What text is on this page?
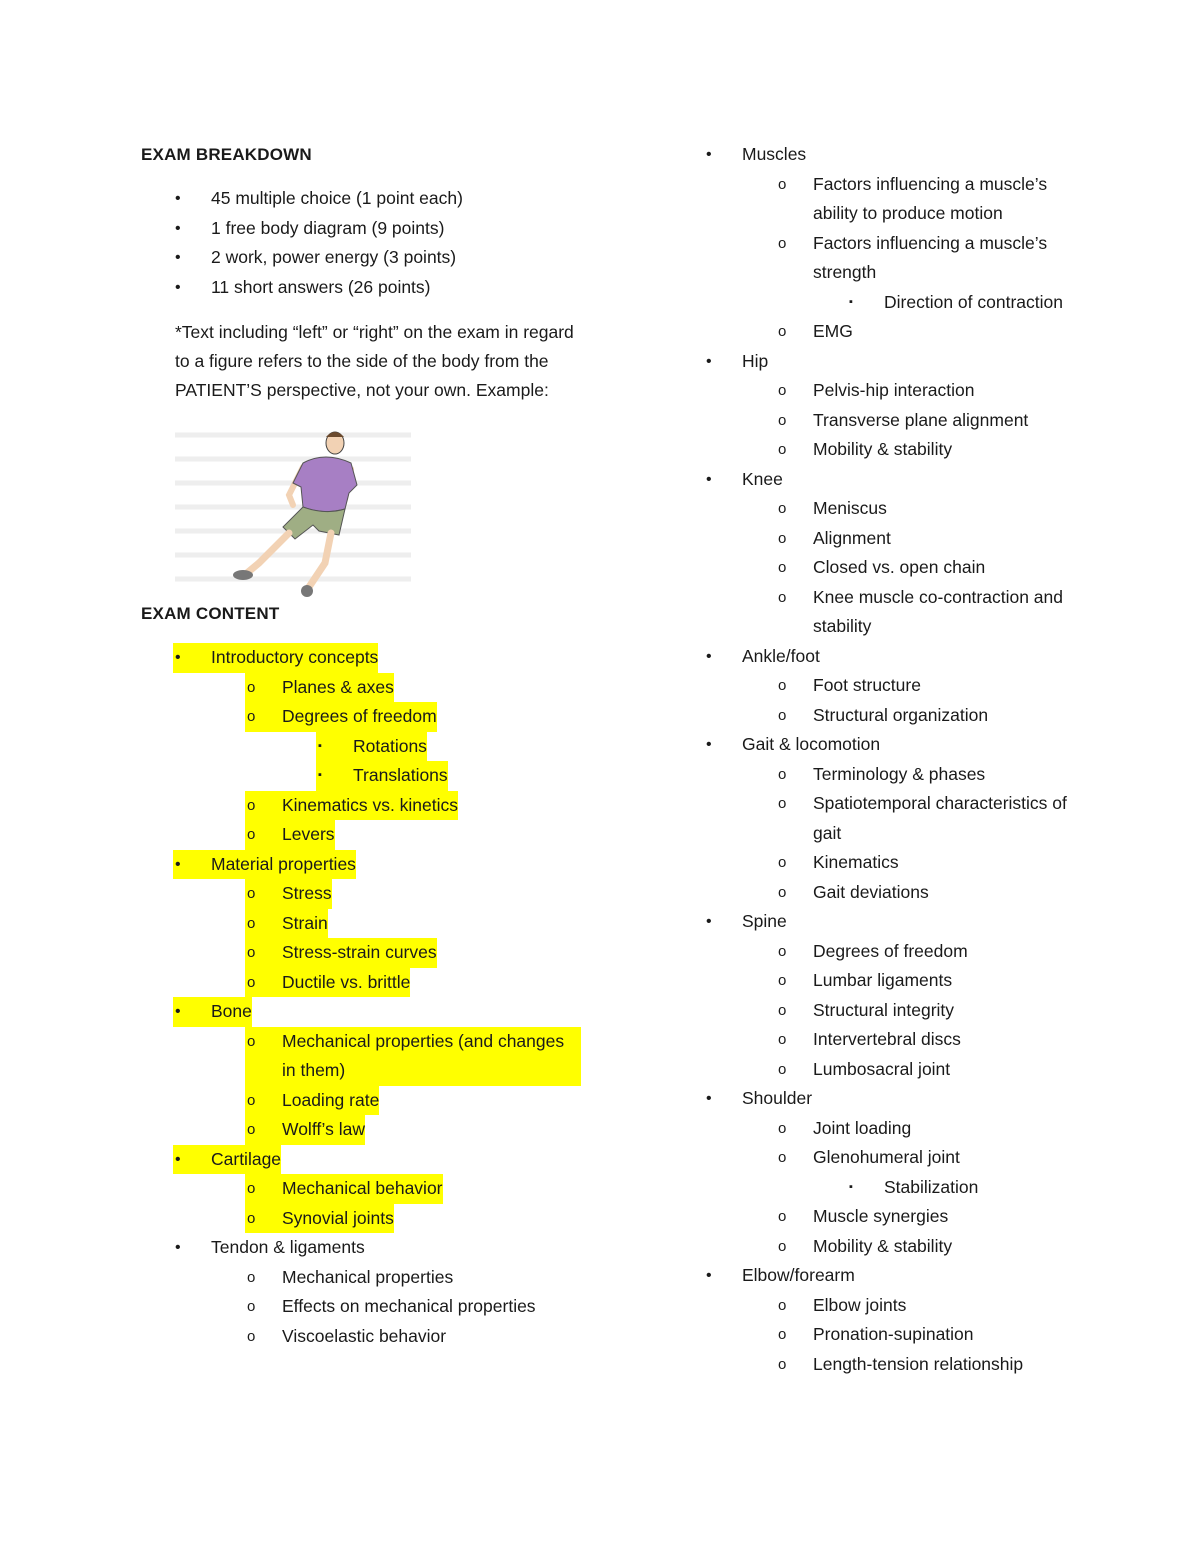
EXAM BREAKDOWN
• 45 multiple choice (1 point each)
• 1 free body diagram (9 points)
• 2 work, power energy (3 points)
• 11 short answers (26 points)

*Text including “left” or “right” on the exam in regard to a figure refers to the side of the body from the PATIENT’S perspective, not your own. Example:

EXAM CONTENT
• Introductory concepts
o Planes & axes
o Degrees of freedom
▪ Rotations
▪ Translations
o Kinematics vs. kinetics
o Levers
• Material properties
o Stress
o Strain
o Stress-strain curves
o Ductile vs. brittle
• Bone
o Mechanical properties (and changes in them)
o Loading rate
o Wolff’s law
• Cartilage
o Mechanical behavior
o Synovial joints
• Tendon & ligaments
o Mechanical properties
o Effects on mechanical properties
o Viscoelastic behavior
• Muscles
o Factors influencing a muscle’s ability to produce motion
o Factors influencing a muscle’s strength
▪ Direction of contraction
o EMG
• Hip
o Pelvis-hip interaction
o Transverse plane alignment
o Mobility & stability
• Knee
o Meniscus
o Alignment
o Closed vs. open chain
o Knee muscle co-contraction and stability
• Ankle/foot
o Foot structure
o Structural organization
• Gait & locomotion
o Terminology & phases
o Spatiotemporal characteristics of gait
o Kinematics
o Gait deviations
• Spine
o Degrees of freedom
o Lumbar ligaments
o Structural integrity
o Intervertebral discs
o Lumbosacral joint
• Shoulder
o Joint loading
o Glenohumeral joint
▪ Stabilization
o Muscle synergies
o Mobility & stability
• Elbow/forearm
o Elbow joints
o Pronation-supination
o Length-tension relationship
